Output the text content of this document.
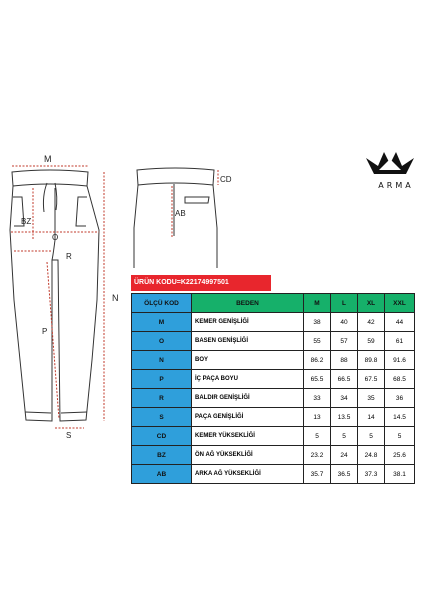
M
BZ
O
R
N
P
S
CD
AB
ARMA
ÜRÜN KODU=K22174997501
ÖLÇÜ KOD	BEDEN	M	L	XL	XXL
M	KEMER GENİŞLİĞİ	38	40	42	44
O	BASEN GENİŞLİĞİ	55	57	59	61
N	BOY	86.2	88	89.8	91.6
P	İÇ PAÇA BOYU	65.5	66.5	67.5	68.5
R	BALDIR GENİŞLİĞİ	33	34	35	36
S	PAÇA GENİŞLİĞİ	13	13.5	14	14.5
CD	KEMER YÜKSEKLİĞİ	5	5	5	5
BZ	ÖN AĞ YÜKSEKLİĞİ	23.2	24	24.8	25.6
AB	ARKA AĞ YÜKSEKLİĞİ	35.7	36.5	37.3	38.1
